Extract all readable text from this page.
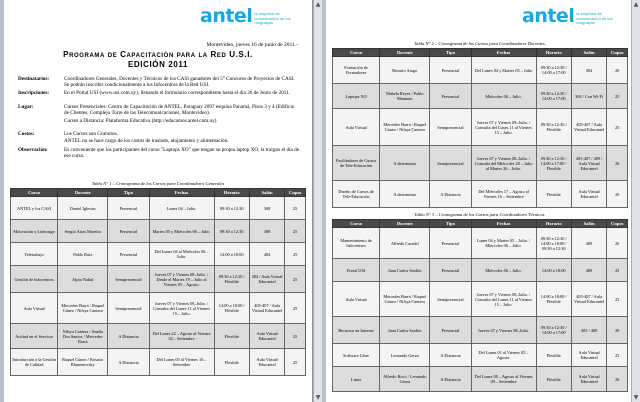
antel la empresa de comunicación de los uruguayos
Montevideo, jueves 16 de junio de 2011.-
Programa de Capacitación para la Red U.S.I.
EDICIÓN 2011
Destinatarios:	Coordinadores Generales, Docentes y Técnicos de los CASI ganadores del 5° Concurso de Proyectos de CASI. Se podrán inscribir condicionalmente a los Infocentros de la Red USI.
Inscripciones:	En el Portal USI (www.usi.com.uy), llenando el formulario correspondiente hasta el día 26 de Junio de 2011.
Lugar:	Cursos Presenciales: Centro de Capacitación de ANTEL, Paraguay 2097 esquina Panamá, Pisos 3 y 4 (Edificio de Clientes, Complejo Torre de las Telecomunicaciones, Montevideo).
Cursos a Distancia: Plataforma Educativa (http://educamos.antel.com.uy).
Costos:	Los Cursos son Gratuitos.
ANTEL no se hace cargo de los costos de traslado, alojamiento y alimentación.
Observación:	Es conveniente que los participantes del curso "Laptops XO" que tengan su propia laptop XO, la traigan el día de ese curso.
Tabla N° 1 – Cronograma de los Cursos para Coordinadores Generales
Curso	Docente	Tipo	Fechas	Horario	Salón	Cupos
ANTEL y los CASI	Daniel Iglesias	Presencial	Lunes 04 – Julio.	09:30 a 12:30	308	25
Motivación y Liderazgo	Sergio Arias Moreira	Presencial	Martes 05 y Miércoles 06 – Julio.	09:30 a 12:30	308	25
Teletrabajo	Pablo Ruiz	Presencial	Del Lunes 04 al Miércoles 06 – Julio.	14:00 a 18:00	404	25
Gestión de Infocentros	Alpio Nahul	Semipresencial	Jueves 07 y Viernes 08–Julio. / Desde el Martes 19 – Julio al Viernes 05 – Agosto.	09:30 a 12:30 / Flexible	304 / Aula Virtual Educantel	25
Aula Virtual	Mercedes Barrá / Raquel Cúneo / Nilsya Cantera	Semipresencial	Jueves 07 y Viernes 08–Julio. / Consulta del Lunes 11 al Viernes 15 – Julio.	14:00 a 18:00 / Flexible	405-407 / Aula Virtual Educantel	25
Actitud en el Servicio	Nilsya Cantera / Analía Dos Santos / Mercedes Barrá	A Distancia	Del Lunes 22 – Agosto al Viernes 02 – Setiembre	Flexible	Aula Virtual Educantel	25
Introducción a la Gestión de Calidad	Raquel Cúneo / Rosario Blumenovsky	A Distancia	Del Lunes 05 al Viernes 16 – Setiembre	Flexible	Aula Virtual Educantel	25
▲
▼
antel la empresa de comunicación de los uruguayos
Tabla N° 2 – Cronograma de los Cursos para Coordinadores Docentes.
Curso	Docente	Tipo	Fechas	Horario	Salón	Cupos
Formación de Formadores	Rosario Arago	Presencial	Del Lunes 04 y Martes 05 – Julio	09:30 a 12:30 / 14:00 a 17:00	304	20
Laptops XO	Mabela Reyes / Pablo Mannoni	Presencial	Miércoles 06 – Julio.	09:30 a 12:30 / 14:00 a 17:00	304 / Con Wi-Fi	25
Aula Virtual	Mercedes Barrá / Raquel Cúneo / Nilsya Cantera	Semipresencial	Jueves 07 y Viernes 08–Julio. / Consulta del Lunes 11 al Viernes 15 – Julio.	09:30 a 12:30 / Flexible	405-407 / Aula Virtual Educantel	25
Facilitadores de Cursos de Tele-Educación	A determinar	Semipresencial	Jueves 07 y Viernes 08–Julio. / Consulta del Miércoles 20 – Julio al Martes 26 – Julio.	09:30 a 12:30 / 14:00 a 17:00 / Flexible	405-407 / 409 / Aula Virtual Educantel	20
Diseño de Cursos de Tele-Educación	A determinar	A Distancia	Del Miércoles 17 – Agosto al Viernes 16 – Setiembre	Flexible	Aula Virtual Educantel	20
Tabla N° 3 – Cronograma de los Cursos para Coordinadores Técnicos.
Curso	Docente	Tipo	Fechas	Horario	Salón	Cupos
Mantenimiento de Infocentros	Alfredo Caradel	Presencial	Lunes 04 y Martes 05 – Julio. / Miércoles 06 – Julio.	09:30 a 12:30 / 14:00 a 18:00 / 09:30 a 12:30	409	20
Portal USI	Juan Carlos Sardón	Presencial	Miércoles 06 – Julio.	14:00 a 18:00	409	25
Aula Virtual	Mercedes Barrá / Raquel Cúneo / Nilsya Cantera	Semipresencial	Jueves 07 y Viernes 08–Julio. / Consulta del Lunes 11 al Viernes 15 – Julio.	14:00 a 18:00 / Flexible	405-407 / Aula Virtual Educantel	25
Recursos en Internet	Juan Carlos Sardón	Presencial	Jueves 07 y Viernes 08–Julio.	09:30 a 12:30 / 14:00 a 17:00	305 / 409	20
Software Libre	Leonardo Gerza	A Distancia	Del Lunes 01 al Viernes 05 – Agosto.	Flexible	Aula Virtual Educantel	25
Linux	Alfredo Ricci / Leonardo Gerza	A Distancia	Del Lunes 08 – Agosto al Viernes 09 – Setiembre	Flexible	Aula Virtual Educantel	20
▲
▼
